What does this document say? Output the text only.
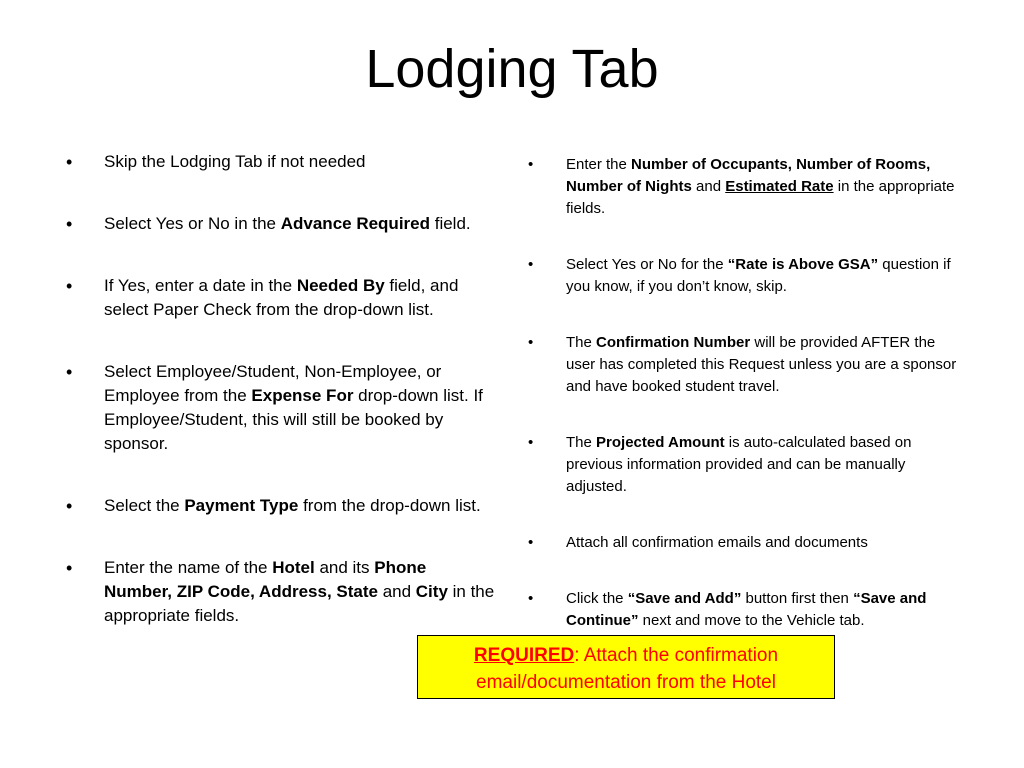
Lodging Tab
• Skip the Lodging Tab if not needed
• Select Yes or No in the Advance Required field.
• If Yes, enter a date in the Needed By field, and select Paper Check from the drop-down list.
• Select Employee/Student, Non-Employee, or Employee from the Expense For drop-down list. If Employee/Student, this will still be booked by sponsor.
• Select the Payment Type from the drop-down list.
• Enter the name of the Hotel and its Phone Number, ZIP Code, Address, State and City in the appropriate fields.
• Enter the Number of Occupants, Number of Rooms, Number of Nights and Estimated Rate in the appropriate fields.
• Select Yes or No for the “Rate is Above GSA” question if you know, if you don’t know, skip.
• The Confirmation Number will be provided AFTER the user has completed this Request unless you are a sponsor and have booked student travel.
• The Projected Amount is auto-calculated based on previous information provided and can be manually adjusted.
• Attach all confirmation emails and documents
• Click the “Save and Add” button first then “Save and Continue” next and move to the Vehicle tab.
REQUIRED: Attach the confirmation email/documentation from the Hotel
